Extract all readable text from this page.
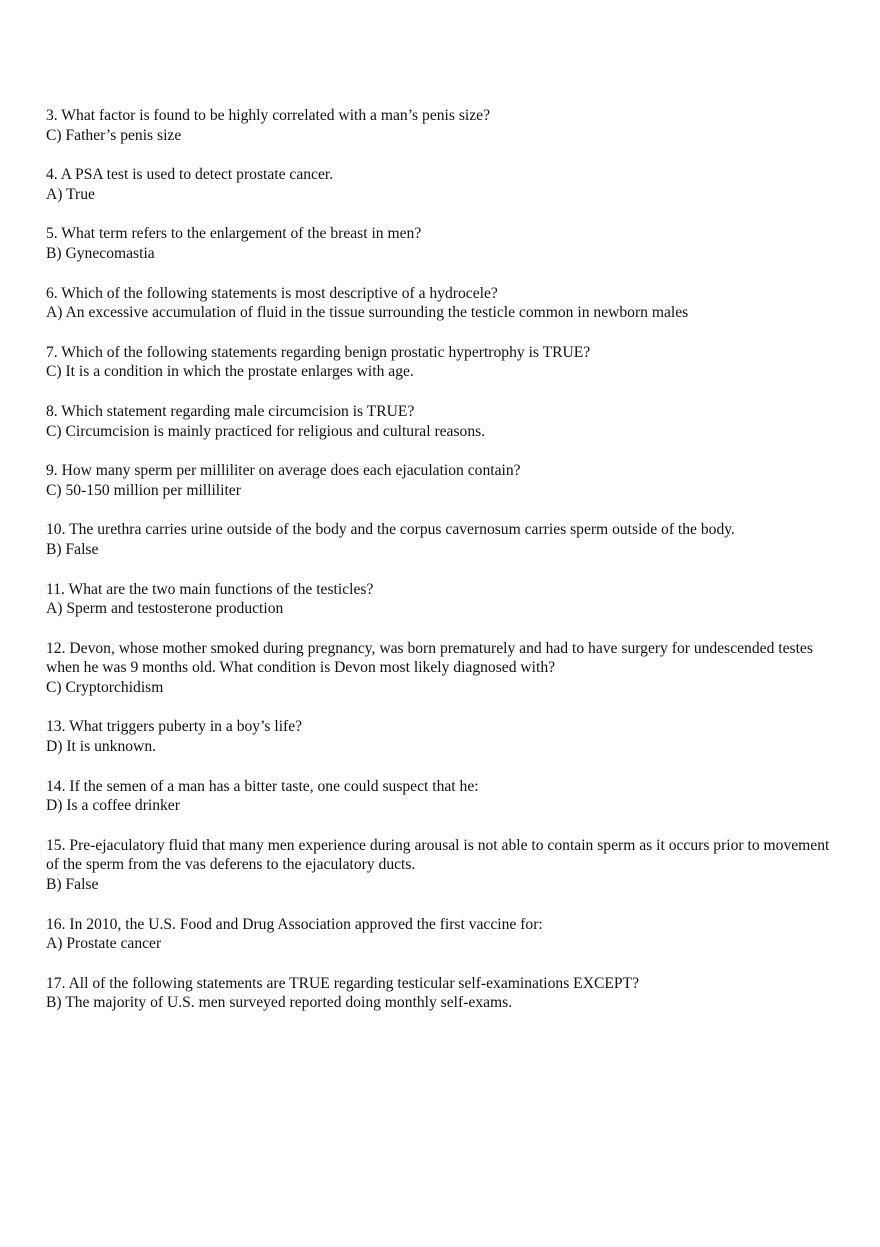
3. What factor is found to be highly correlated with a man’s penis size?
C) Father’s penis size
4. A PSA test is used to detect prostate cancer.
A) True
5. What term refers to the enlargement of the breast in men?
B) Gynecomastia
6. Which of the following statements is most descriptive of a hydrocele?
A) An excessive accumulation of fluid in the tissue surrounding the testicle common in newborn males
7. Which of the following statements regarding benign prostatic hypertrophy is TRUE?
C) It is a condition in which the prostate enlarges with age.
8. Which statement regarding male circumcision is TRUE?
C) Circumcision is mainly practiced for religious and cultural reasons.
9. How many sperm per milliliter on average does each ejaculation contain?
C) 50-150 million per milliliter
10. The urethra carries urine outside of the body and the corpus cavernosum carries sperm outside of the body.
B) False
11. What are the two main functions of the testicles?
A) Sperm and testosterone production
12. Devon, whose mother smoked during pregnancy, was born prematurely and had to have surgery for undescended testes when he was 9 months old. What condition is Devon most likely diagnosed with?
C) Cryptorchidism
13. What triggers puberty in a boy’s life?
D) It is unknown.
14. If the semen of a man has a bitter taste, one could suspect that he:
D) Is a coffee drinker
15. Pre-ejaculatory fluid that many men experience during arousal is not able to contain sperm as it occurs prior to movement of the sperm from the vas deferens to the ejaculatory ducts.
B) False
16. In 2010, the U.S. Food and Drug Association approved the first vaccine for:
A) Prostate cancer
17. All of the following statements are TRUE regarding testicular self-examinations EXCEPT?
B) The majority of U.S. men surveyed reported doing monthly self-exams.
